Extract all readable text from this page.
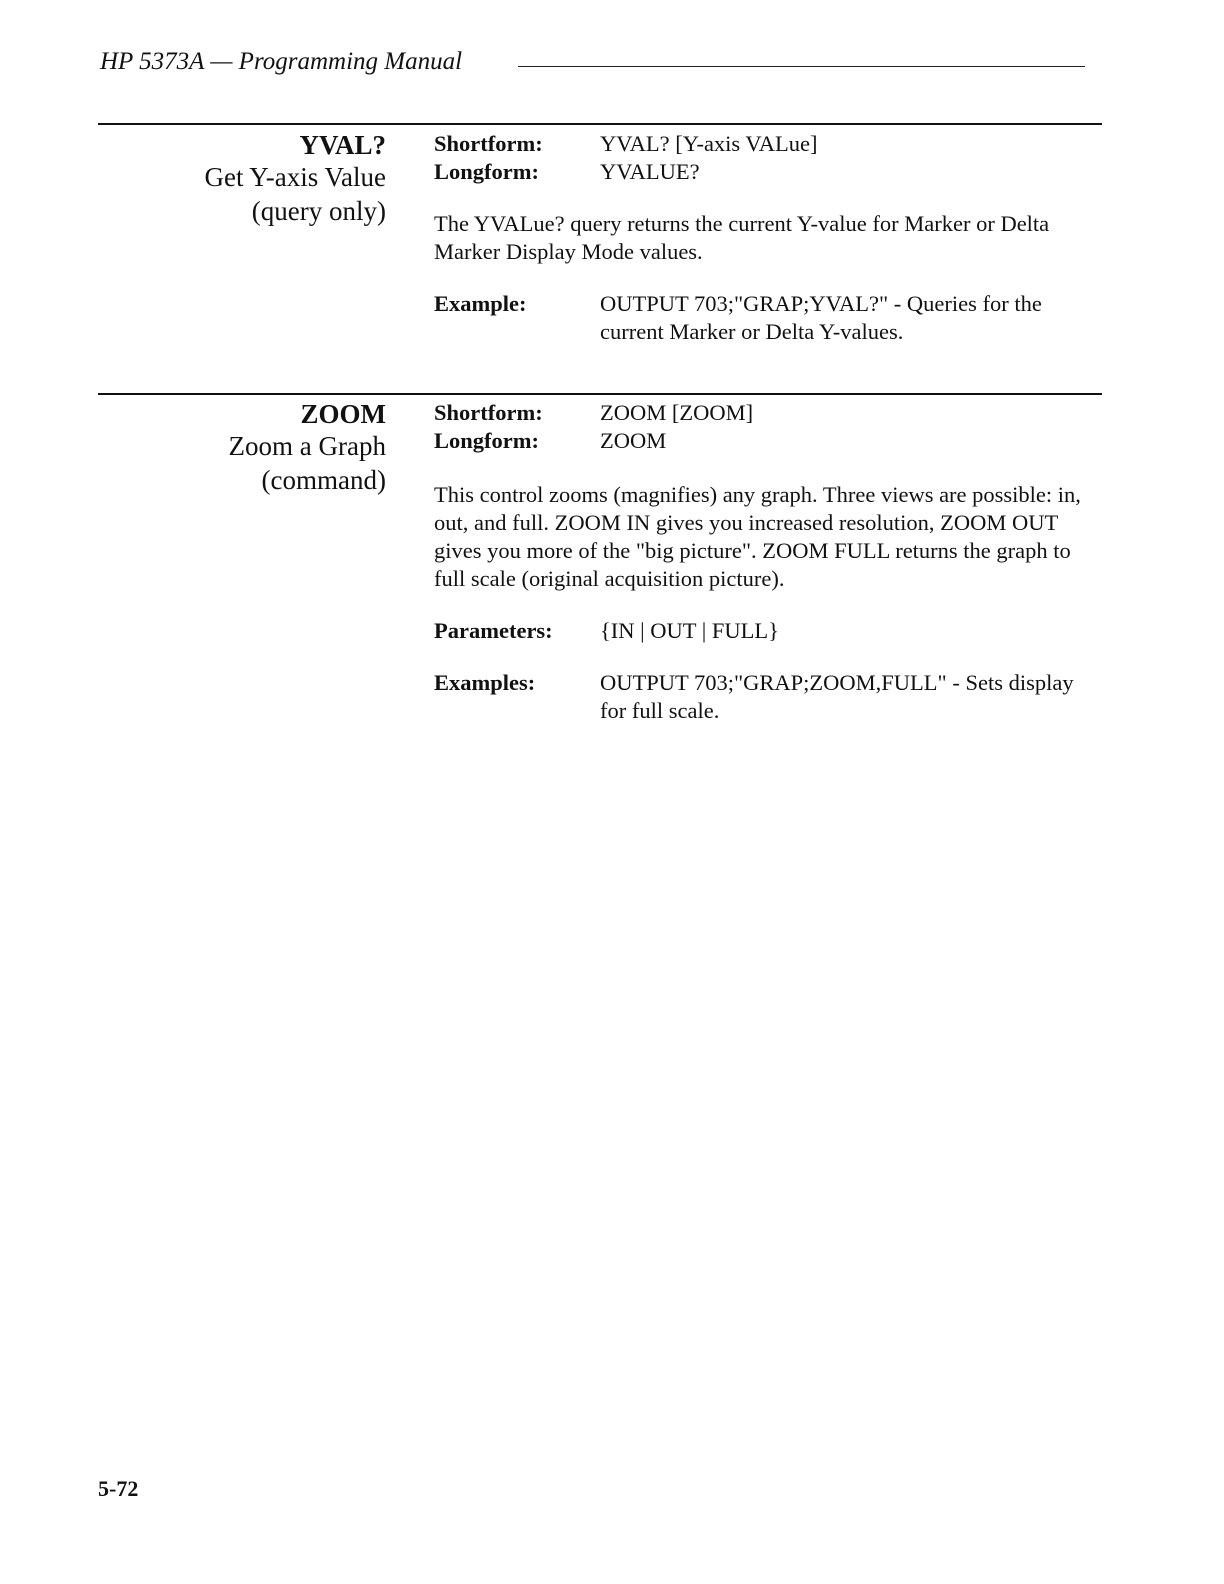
HP 5373A — Programming Manual
YVAL?
Get Y-axis Value
(query only)
Shortform:	YVAL? [Y-axis VALue]
Longform:	YVALUE?

The YVALue? query returns the current Y-value for Marker or Delta Marker Display Mode values.

Example:	OUTPUT 703;"GRAP;YVAL?" - Queries for the current Marker or Delta Y-values.
ZOOM
Zoom a Graph
(command)
Shortform:	ZOOM [ZOOM]
Longform:	ZOOM

This control zooms (magnifies) any graph. Three views are possible: in, out, and full. ZOOM IN gives you increased resolution, ZOOM OUT gives you more of the "big picture". ZOOM FULL returns the graph to full scale (original acquisition picture).

Parameters: {IN | OUT | FULL}
Examples:	OUTPUT 703;"GRAP;ZOOM,FULL" - Sets display for full scale.
5-72
